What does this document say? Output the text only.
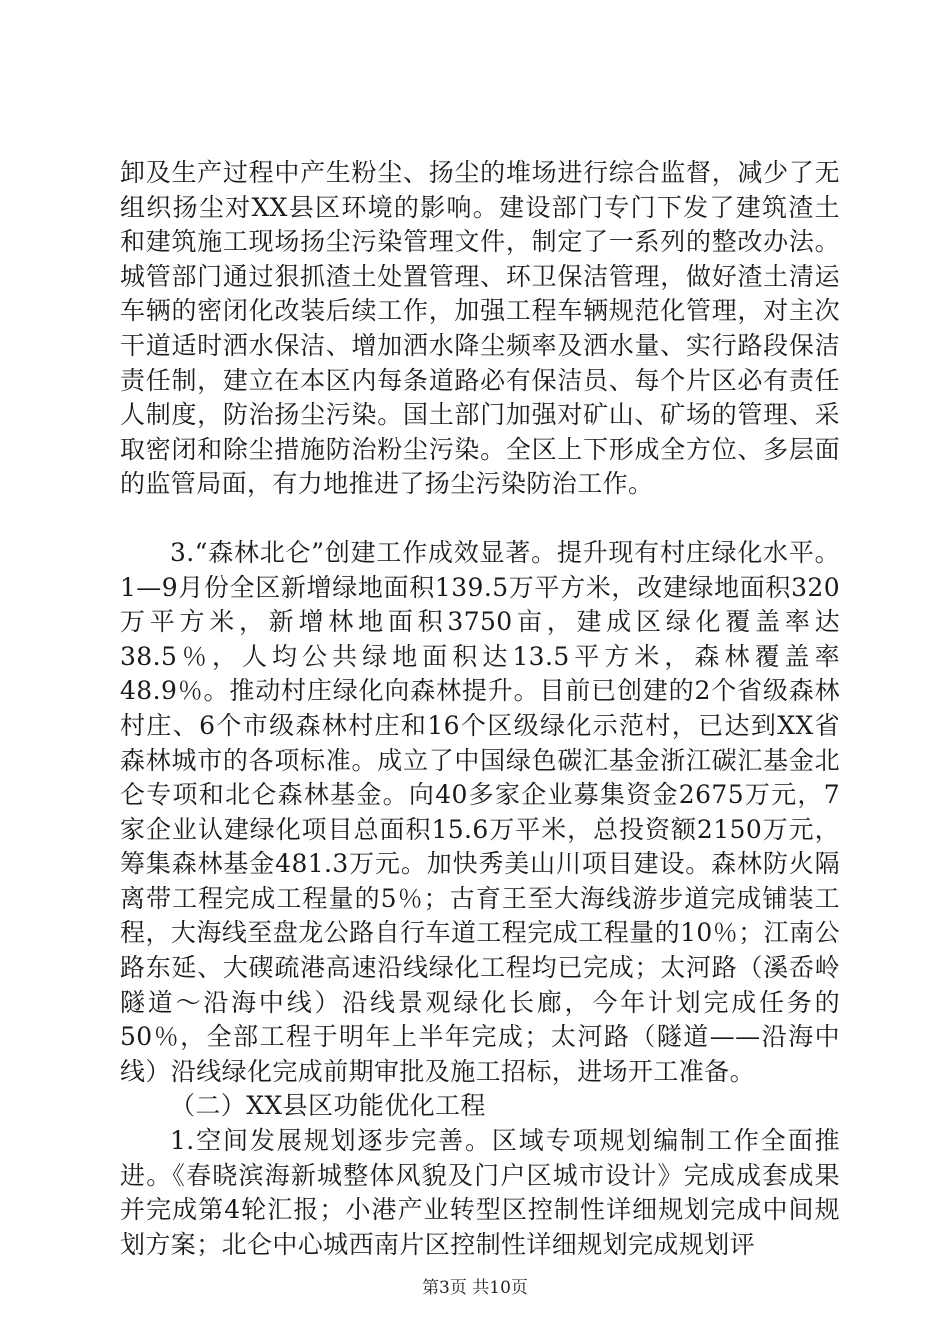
卸及生产过程中产生粉尘、扬尘的堆场进行综合监督，减少了无组织扬尘对XX县区环境的影响。建设部门专门下发了建筑渣土和建筑施工现场扬尘污染管理文件，制定了一系列的整改办法。城管部门通过狠抓渣土处置管理、环卫保洁管理，做好渣土清运车辆的密闭化改装后续工作，加强工程车辆规范化管理，对主次干道适时洒水保洁、增加洒水降尘频率及洒水量、实行路段保洁责任制，建立在本区内每条道路必有保洁员、每个片区必有责任人制度，防治扬尘污染。国土部门加强对矿山、矿场的管理、采取密闭和除尘措施防治粉尘污染。全区上下形成全方位、多层面的监管局面，有力地推进了扬尘污染防治工作。

3.“森林北仑”创建工作成效显著。提升现有村庄绿化水平。1—9月份全区新增绿地面积139.5万平方米，改建绿地面积320万平方米，新增林地面积3750亩，建成区绿化覆盖率达38.5％，人均公共绿地面积达13.5平方米，森林覆盖率48.9％。推动村庄绿化向森林提升。目前已创建的2个省级森林村庄、6个市级森林村庄和16个区级绿化示范村，已达到XX省森林城市的各项标准。成立了中国绿色碳汇基金浙江碳汇基金北仑专项和北仑森林基金。向40多家企业募集资金2675万元，7家企业认建绿化项目总面积15.6万平米，总投资额2150万元，筹集森林基金481.3万元。加快秀美山川项目建设。森林防火隔离带工程完成工程量的5％；古育王至大海线游步道完成铺装工程，大海线至盘龙公路自行车道工程完成工程量的10％；江南公路东延、大碶疏港高速沿线绿化工程均已完成；太河路（溪岙岭隧道～沿海中线）沿线景观绿化长廊，今年计划完成任务的50％，全部工程于明年上半年完成；太河路（隧道——沿海中线）沿线绿化完成前期审批及施工招标，进场开工准备。

（二）XX县区功能优化工程

1.空间发展规划逐步完善。区域专项规划编制工作全面推进。《春晓滨海新城整体风貌及门户区城市设计》完成成套成果并完成第4轮汇报；小港产业转型区控制性详细规划完成中间规划方案；北仑中心城西南片区控制性详细规划完成规划评

第3页 共10页
